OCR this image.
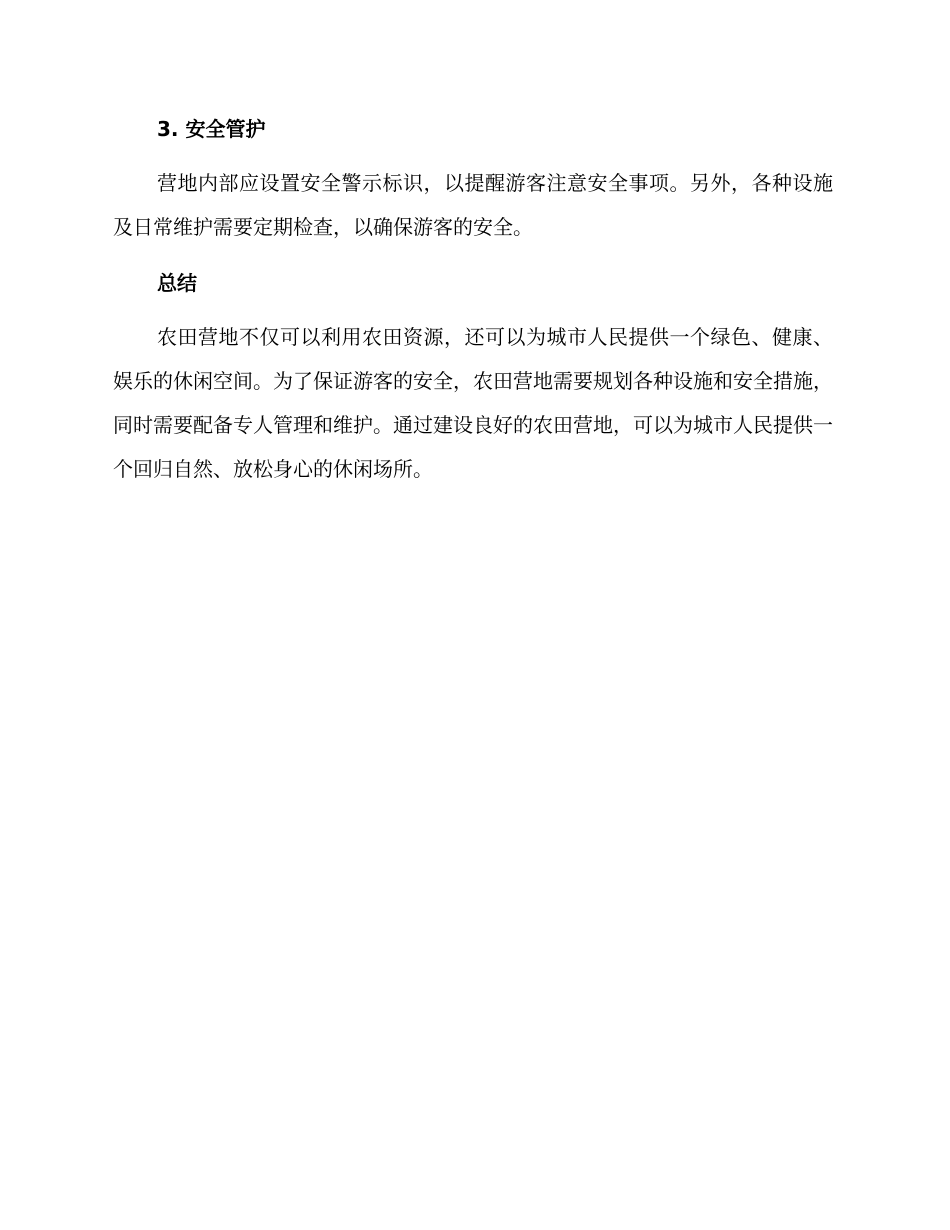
3. 安全管护

营地内部应设置安全警示标识，以提醒游客注意安全事项。另外，各种设施及日常维护需要定期检查，以确保游客的安全。

总结

农田营地不仅可以利用农田资源，还可以为城市人民提供一个绿色、健康、娱乐的休闲空间。为了保证游客的安全，农田营地需要规划各种设施和安全措施，同时需要配备专人管理和维护。通过建设良好的农田营地，可以为城市人民提供一个回归自然、放松身心的休闲场所。
